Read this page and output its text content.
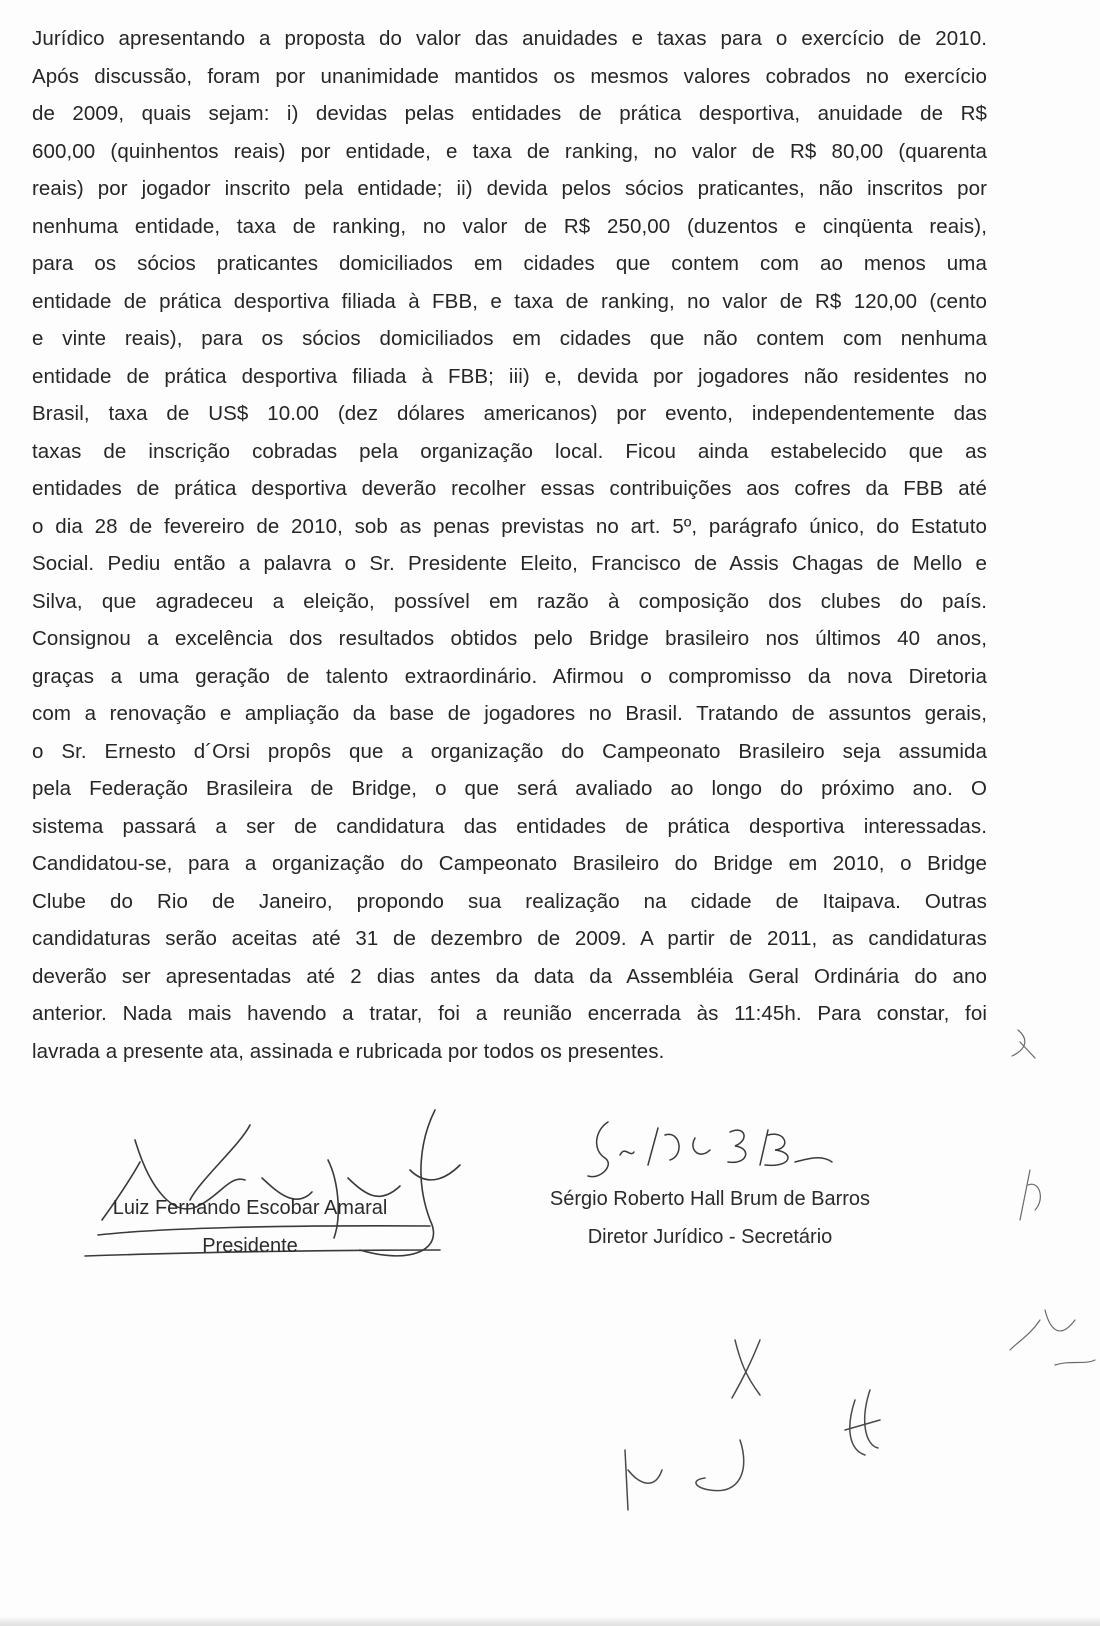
Jurídico apresentando a proposta do valor das anuidades e taxas para o exercício de 2010.
Após discussão, foram por unanimidade mantidos os mesmos valores cobrados no exercício
de 2009, quais sejam: i) devidas pelas entidades de prática desportiva, anuidade de R$
600,00 (quinhentos reais) por entidade, e taxa de ranking, no valor de R$ 80,00 (quarenta
reais) por jogador inscrito pela entidade; ii) devida pelos sócios praticantes, não inscritos por
nenhuma entidade, taxa de ranking, no valor de R$ 250,00 (duzentos e cinqüenta reais),
para os sócios praticantes domiciliados em cidades que contem com ao menos uma
entidade de prática desportiva filiada à FBB, e taxa de ranking, no valor de R$ 120,00 (cento
e vinte reais), para os sócios domiciliados em cidades que não contem com nenhuma
entidade de prática desportiva filiada à FBB; iii) e, devida por jogadores não residentes no
Brasil, taxa de US$ 10.00 (dez dólares americanos) por evento, independentemente das
taxas de inscrição cobradas pela organização local. Ficou ainda estabelecido que as
entidades de prática desportiva deverão recolher essas contribuições aos cofres da FBB até
o dia 28 de fevereiro de 2010, sob as penas previstas no art. 5º, parágrafo único, do Estatuto
Social. Pediu então a palavra o Sr. Presidente Eleito, Francisco de Assis Chagas de Mello e
Silva, que agradeceu a eleição, possível em razão à composição dos clubes do país.
Consignou a excelência dos resultados obtidos pelo Bridge brasileiro nos últimos 40 anos,
graças a uma geração de talento extraordinário. Afirmou o compromisso da nova Diretoria
com a renovação e ampliação da base de jogadores no Brasil. Tratando de assuntos gerais,
o Sr. Ernesto d´Orsi propôs que a organização do Campeonato Brasileiro seja assumida
pela Federação Brasileira de Bridge, o que será avaliado ao longo do próximo ano. O
sistema passará a ser de candidatura das entidades de prática desportiva interessadas.
Candidatou-se, para a organização do Campeonato Brasileiro do Bridge em 2010, o Bridge
Clube do Rio de Janeiro, propondo sua realização na cidade de Itaipava. Outras
candidaturas serão aceitas até 31 de dezembro de 2009. A partir de 2011, as candidaturas
deverão ser apresentadas até 2 dias antes da data da Assembléia Geral Ordinária do ano
anterior. Nada mais havendo a tratar, foi a reunião encerrada às 11:45h. Para constar, foi
lavrada a presente ata, assinada e rubricada por todos os presentes.
Luiz Fernando Escobar Amaral
Presidente
Sérgio Roberto Hall Brum de Barros
Diretor Jurídico - Secretário
